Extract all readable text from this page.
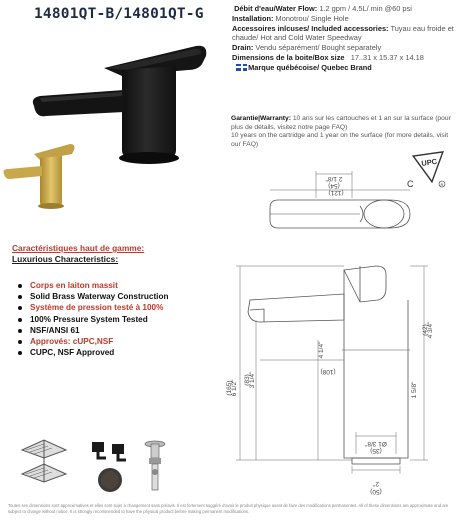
14801QT-B/14801QT-G	Débit d'eau/Water Flow: 1.2 gpm / 4.5L/ min @60 psi
Installation: Monotrou/ Single Hole
Accessoires inlcuses/ Included accessories: Tuyau eau froide et chaude/ Hot and Cold Water Speedway
Drain: Vendu séparément/ Bought separately
Dimensions de la boite/Box size 17..31 x 15.37 x 14.18
Marque québécoise/ Quebec Brand
Garantie|Warranty: 10 ans sur les cartouches et 1 an sur la surface (pour plus de détails, visitez notre page FAQ)
10 years on the cartridge and 1 year on the surface (for more details, visit our FAQ)
UPC
C	R
2 1/8"
(54)
(121)
6 1/2"
(165) 3 1/4"
(83)
4 1/4"
(108)
4 3/4"
(42)
Ø1 3/8"
(35)
2"
(50)
1 5/8"
Caractéristiques haut de gamme:
Luxurious Characteristics:
Corps en laiton massit
Solid Brass Waterway Construction
Système de pression testé à 100%
100% Pressure System Tested
NSF/ANSI 61
Approvés: cUPC,NSF
CUPC, NSF Approved
Toutes ses dimensions sont approximatives et elles sont sujet à changement sans préavis. Il est fortement suggéré d'avoir le produit physique avant de faire des modifications permanentes. All of these dimensions are approximate and are subject to change without notice. It is strongly recommended to have the physical product before making permanent modifications.
